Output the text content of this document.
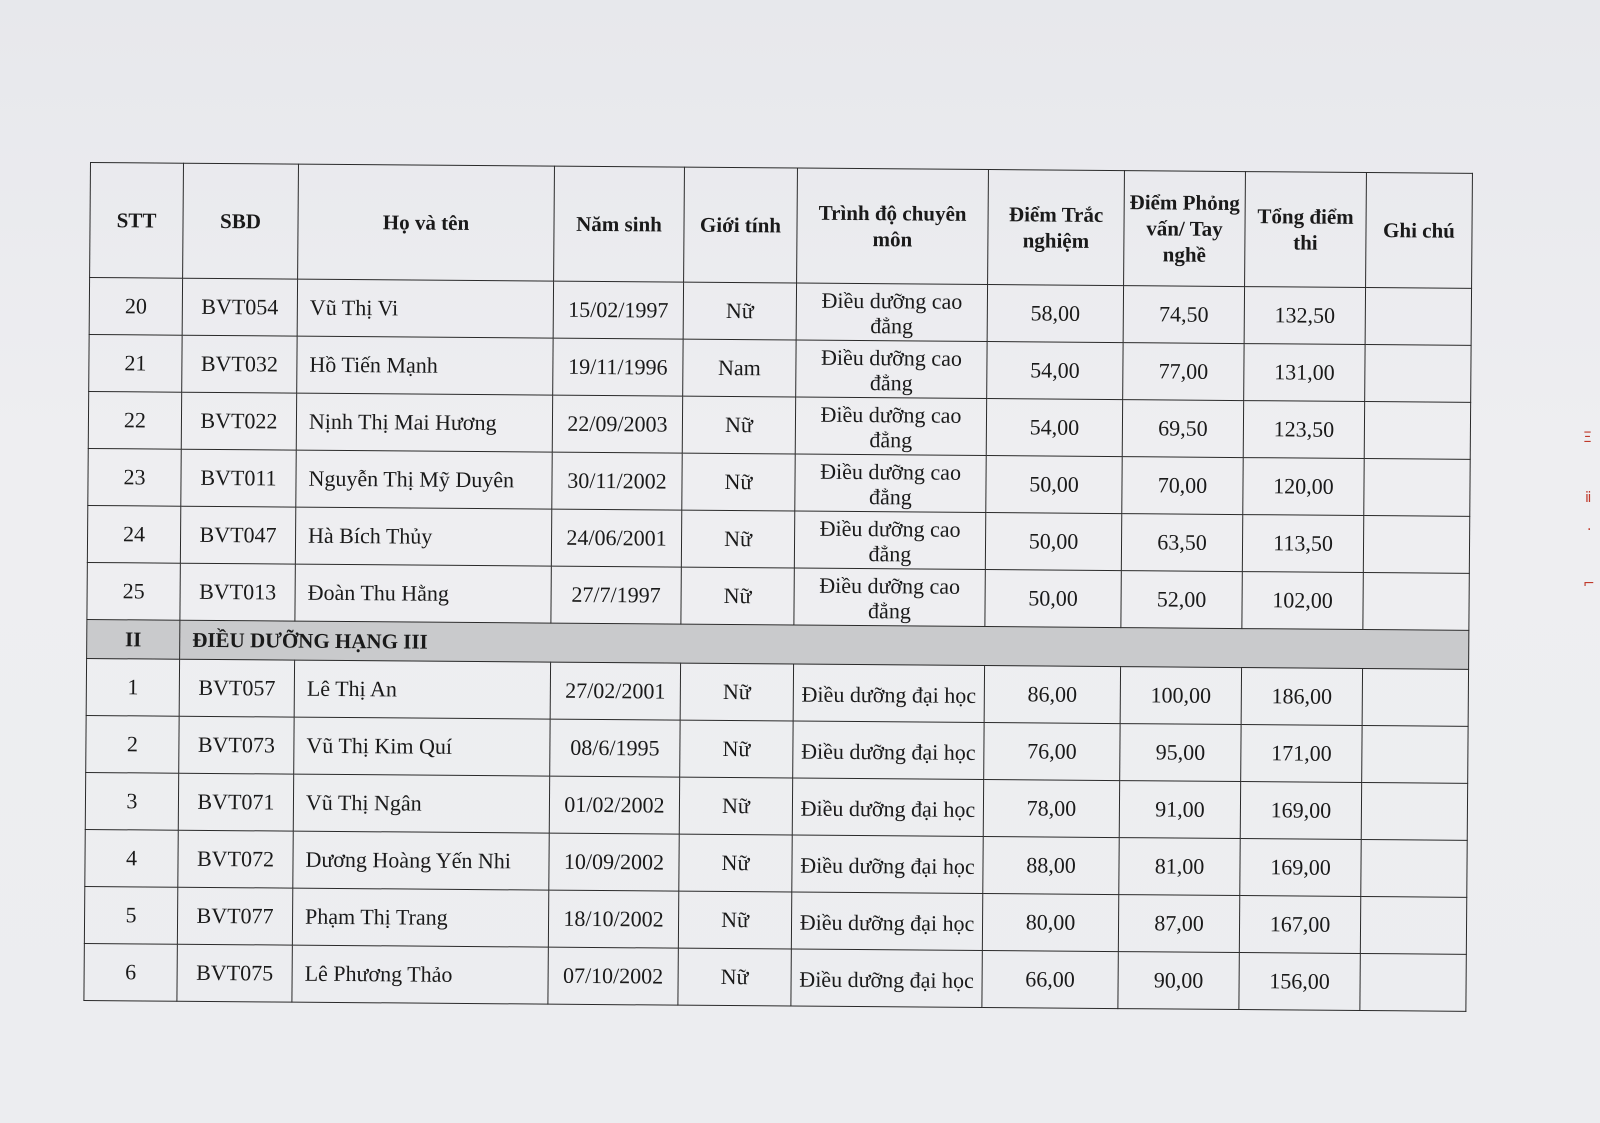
STT	SBD	Họ và tên	Năm sinh	Giới tính	Trình độ chuyên môn	Điểm Trắc nghiệm	Điểm Phỏng vấn/ Tay nghề	Tổng điểm thi	Ghi chú
20	BVT054	Vũ Thị Vi	15/02/1997	Nữ	Điều dưỡng cao đẳng	58,00	74,50	132,50	
21	BVT032	Hồ Tiến Mạnh	19/11/1996	Nam	Điều dưỡng cao đẳng	54,00	77,00	131,00	
22	BVT022	Nịnh Thị Mai Hương	22/09/2003	Nữ	Điều dưỡng cao đẳng	54,00	69,50	123,50	
23	BVT011	Nguyễn Thị Mỹ Duyên	30/11/2002	Nữ	Điều dưỡng cao đẳng	50,00	70,00	120,00	
24	BVT047	Hà Bích Thủy	24/06/2001	Nữ	Điều dưỡng cao đẳng	50,00	63,50	113,50	
25	BVT013	Đoàn Thu Hằng	27/7/1997	Nữ	Điều dưỡng cao đẳng	50,00	52,00	102,00	
II	ĐIỀU DƯỠNG HẠNG III								
1	BVT057	Lê Thị An	27/02/2001	Nữ	Điều dưỡng đại học	86,00	100,00	186,00	
2	BVT073	Vũ Thị Kim Quí	08/6/1995	Nữ	Điều dưỡng đại học	76,00	95,00	171,00	
3	BVT071	Vũ Thị Ngân	01/02/2002	Nữ	Điều dưỡng đại học	78,00	91,00	169,00	
4	BVT072	Dương Hoàng Yến Nhi	10/09/2002	Nữ	Điều dưỡng đại học	88,00	81,00	169,00	
5	BVT077	Phạm Thị Trang	18/10/2002	Nữ	Điều dưỡng đại học	80,00	87,00	167,00	
6	BVT075	Lê Phương Thảo	07/10/2002	Nữ	Điều dưỡng đại học	66,00	90,00	156,00	
Ξ
ⅱ
·
⌐
